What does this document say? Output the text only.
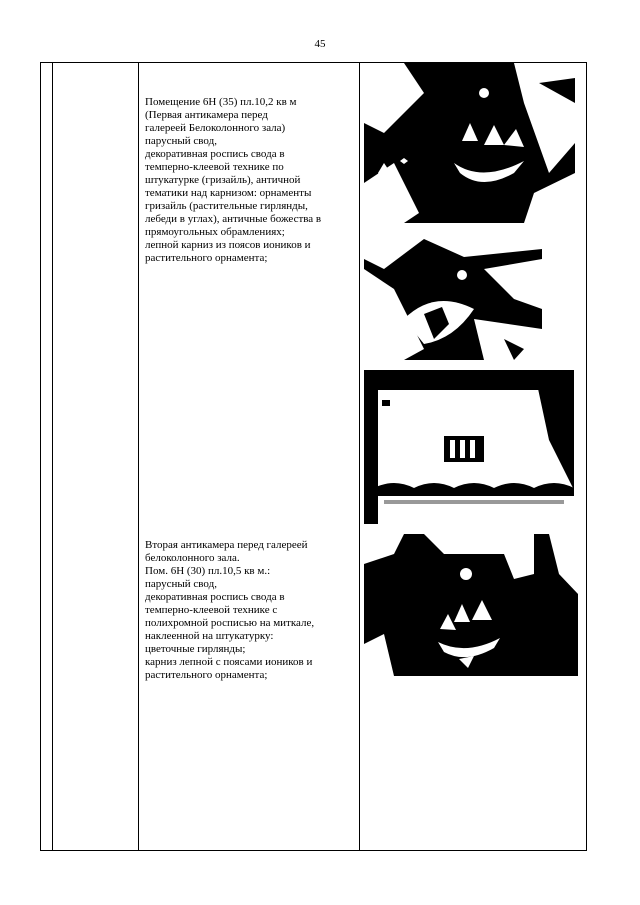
45
Помещение 6Н (35) пл.10,2 кв м
(Первая антикамера перед
галереей Белоколонного зала)
парусный свод,
декоративная роспись свода в
темперно-клеевой технике по
штукатурке (гризайль), античной
тематики над карнизом: орнаменты
гризайль (растительные гирлянды,
лебеди в углах), античные божества в
прямоугольных обрамлениях;
лепной карниз из поясов иоников и
растительного орнамента;
Вторая антикамера перед галереей
белоколонного зала.
Пом. 6Н (30) пл.10,5 кв м.:
парусный свод,
декоративная роспись свода в
темперно-клеевой технике с
полихромной росписью на миткале,
наклеенной на штукатурку:
цветочные гирлянды;
карниз лепной с поясами иоников и
растительного орнамента;
